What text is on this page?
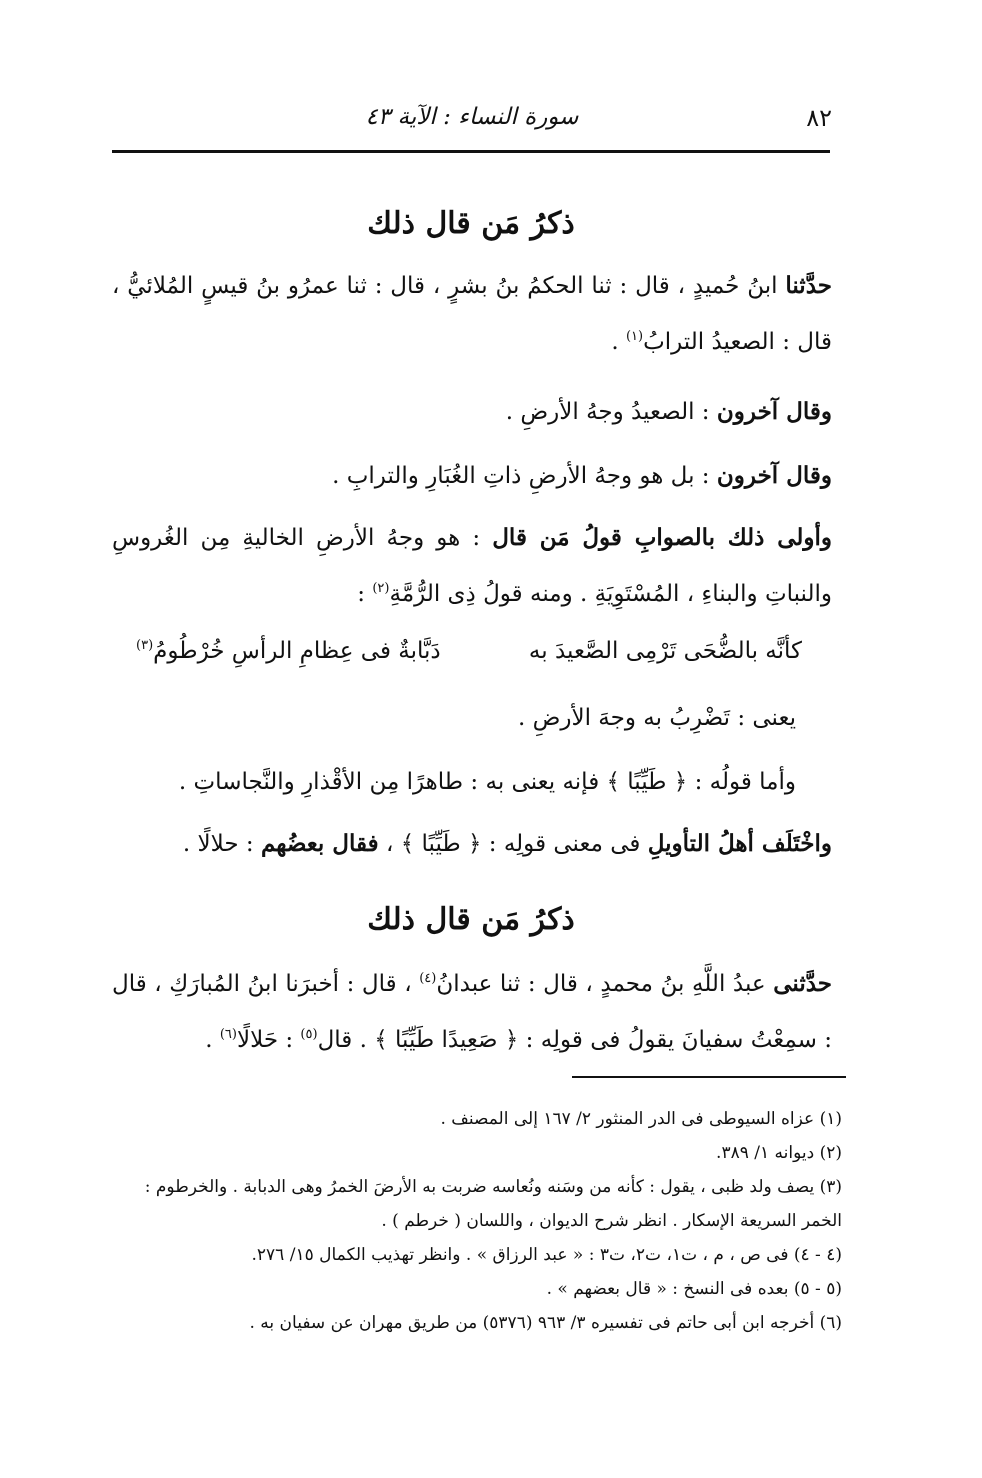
٨٢
سورة النساء : الآية ٤٣
ذكرُ مَن قال ذلك
حدَّثنا ابنُ حُميدٍ ، قال : ثنا الحكمُ بنُ بشرٍ ، قال : ثنا عمرُو بنُ قيسٍ المُلائيُّ ، قال : الصعيدُ الترابُ$^{(١)}$ .
وقال آخرون : الصعيدُ وجهُ الأرضِ .
وقال آخرون : بل هو وجهُ الأرضِ ذاتِ الغُبَارِ والترابِ .
وأولى ذلك بالصوابِ قولُ مَن قال : هو وجهُ الأرضِ الخاليةِ مِن الغُروسِ والنباتِ والبناءِ ، المُسْتَوِيَةِ . ومنه قولُ ذِى الرُّمَّةِ$^{(٢)}$ :
كأنَّه بالضُّحَى تَرْمِى الصَّعيدَ به
دَبَّابةٌ فى عِظامِ الرأسِ خُرْطُومُ$^{(٣)}$
يعنى : تَضْرِبُ به وجهَ الأرضِ .
وأما قولُه : ﴿ طَيِّبًا ﴾ فإنه يعنى به : طاهرًا مِن الأقْذارِ والنَّجاساتِ .
واخْتَلَف أهلُ التأويلِ فى معنى قولِه : ﴿ طَيِّبًا ﴾ ، فقال بعضُهم : حلالًا .
ذكرُ مَن قال ذلك
حدَّثنى عبدُ اللَّهِ بنُ محمدٍ ، قال : ثنا عبدانُ$^{(٤)}$ ، قال : أخبرَنا ابنُ المُبارَكِ ، قال : سمِعْتُ سفيانَ يقولُ فى قولِه : ﴿ صَعِيدًا طَيِّبًا ﴾ . قال$^{(٥)}$ : حَلالًا$^{(٦)}$ .

(١) عزاه السيوطى فى الدر المنثور ٢/ ١٦٧ إلى المصنف .

(٢) ديوانه ١/ ٣٨٩.

(٣) يصف ولد ظبى ، يقول : كأنه من وسَنه ونُعاسه ضربت به الأرضَ الخمرُ وهى الدبابة . والخرطوم : الخمر السريعة الإسكار . انظر شرح الديوان ، واللسان ( خرطم ) .

(٤ - ٤) فى ص ، م ، ت١، ت٢، ت٣ : « عبد الرزاق » . وانظر تهذيب الكمال ١٥/ ٢٧٦.

(٥ - ٥) بعده فى النسخ : « قال بعضهم » .

(٦) أخرجه ابن أبى حاتم فى تفسيره ٣/ ٩٦٣ (٥٣٧٦) من طريق مهران عن سفيان به .
